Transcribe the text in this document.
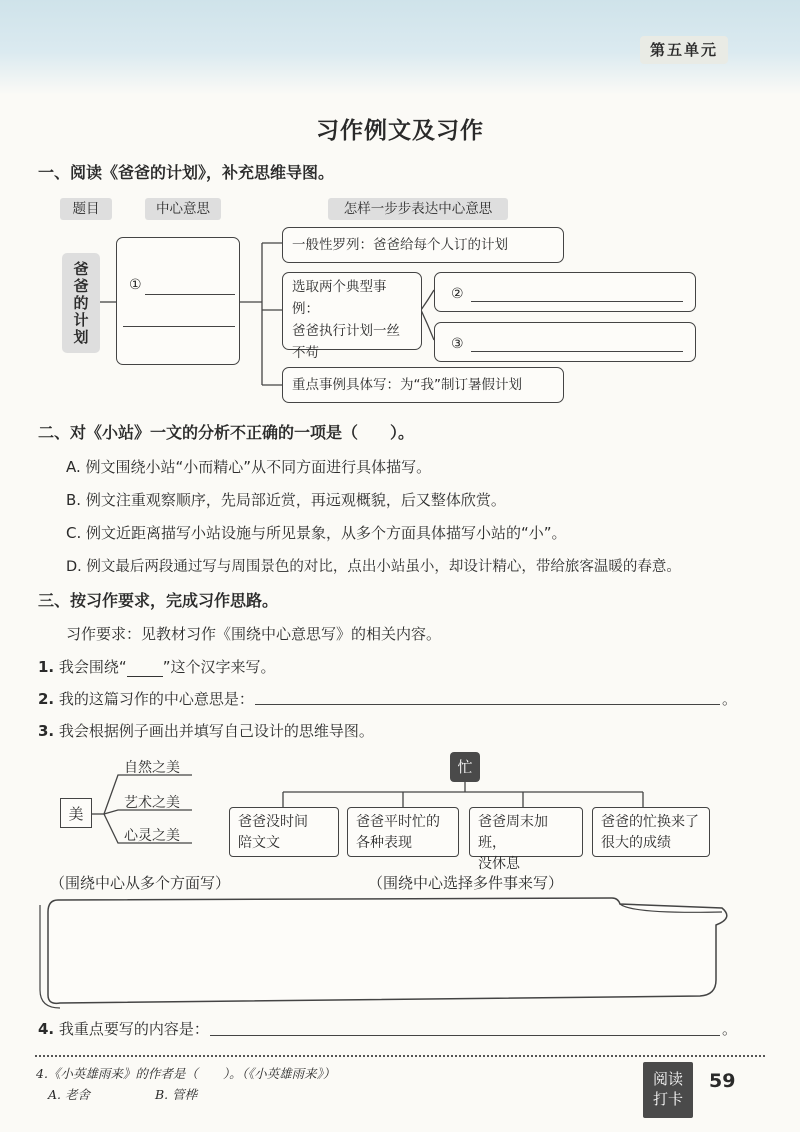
第五单元
习作例文及习作
一、阅读《爸爸的计划》，补充思维导图。
题目	中心意思	怎样一步步表达中心意思
爸爸的计划	①
一般性罗列：爸爸给每个人订的计划
选取两个典型事例：
爸爸执行计划一丝
不苟
②
③
重点事例具体写：为“我”制订暑假计划
二、对《小站》一文的分析不正确的一项是（　　）。
A. 例文围绕小站“小而精心”从不同方面进行具体描写。
B. 例文注重观察顺序，先局部近赏，再远观概貌，后又整体欣赏。
C. 例文近距离描写小站设施与所见景象，从多个方面具体描写小站的“小”。
D. 例文最后两段通过写与周围景色的对比，点出小站虽小，却设计精心，带给旅客温暖的春意。
三、按习作要求，完成习作思路。
习作要求：见教材习作《围绕中心意思写》的相关内容。
1. 我会围绕“ ”这个汉字来写。
2. 我的这篇习作的中心意思是：	。
3. 我会根据例子画出并填写自己设计的思维导图。
美
自然之美
艺术之美
心灵之美
忙
爸爸没时间
陪文文
爸爸平时忙的
各种表现
爸爸周末加班，
没休息
爸爸的忙换来了
很大的成绩
（围绕中心从多个方面写）	（围绕中心选择多件事来写）
4. 我重点要写的内容是：	。
4.《小英雄雨来》的作者是（　　）。（《小英雄雨来》）
A. 老舍	B. 管桦
阅读
打卡
59
